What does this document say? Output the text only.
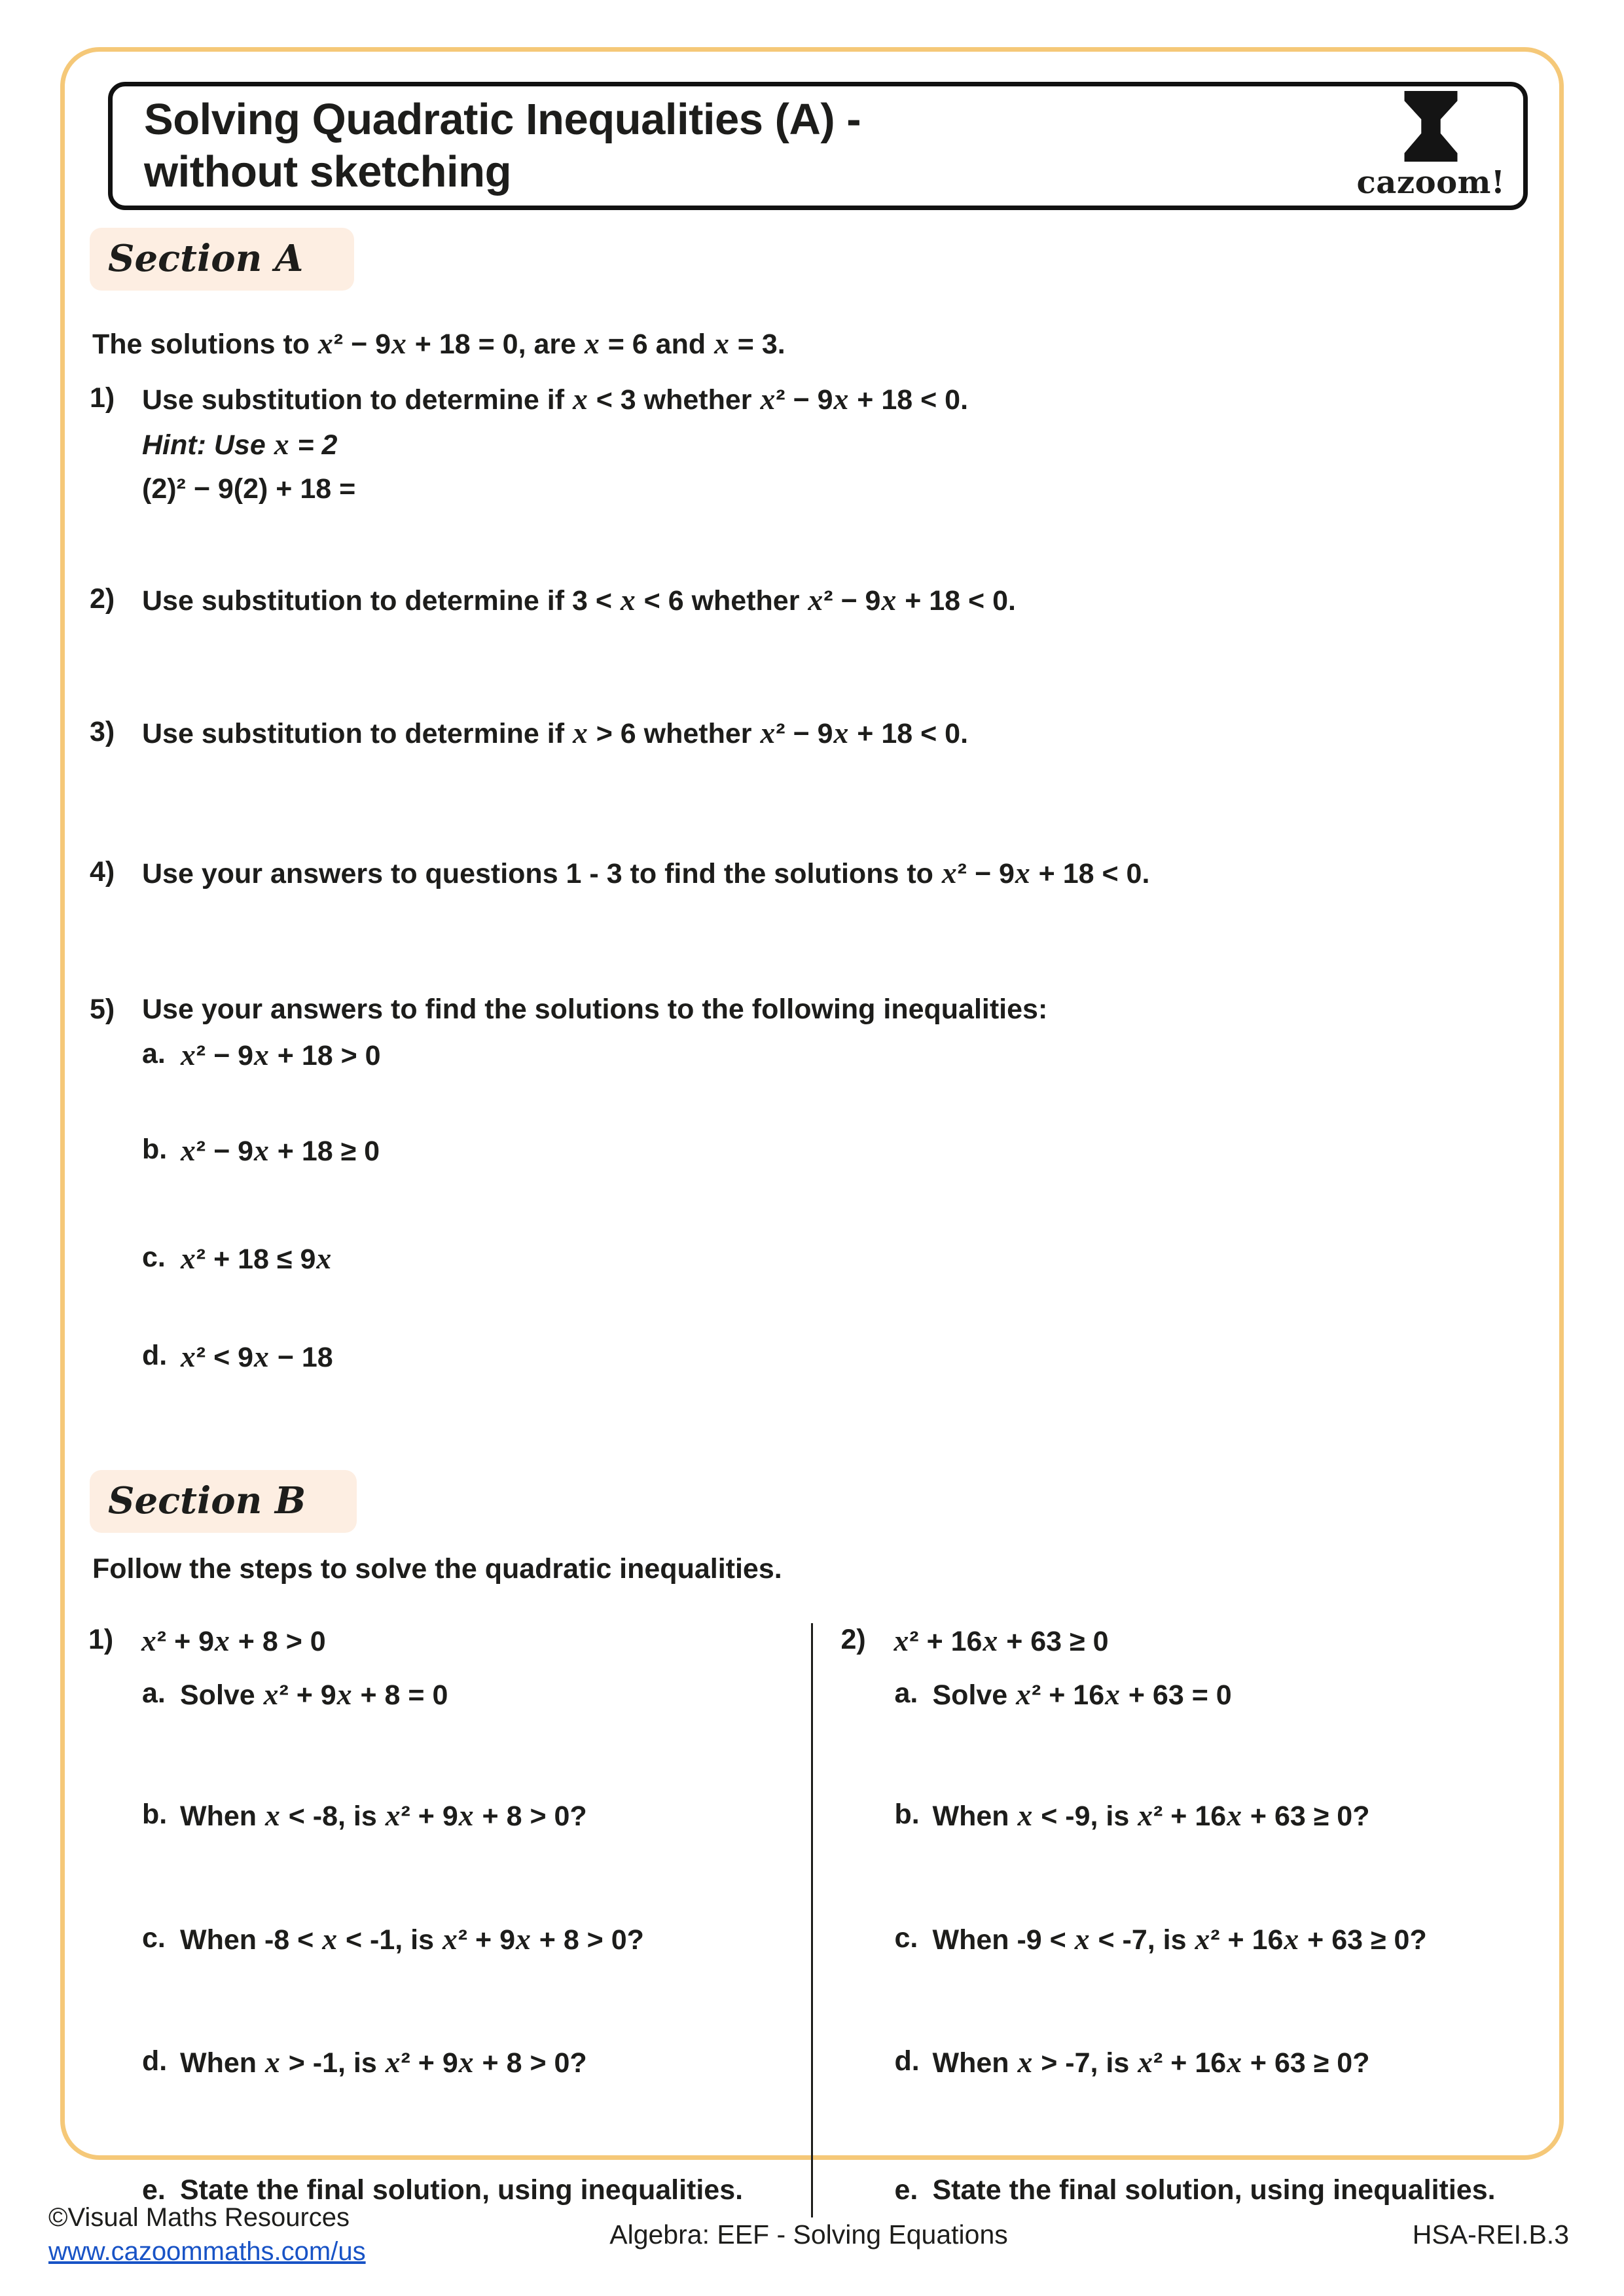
Solving Quadratic Inequalities (A) -
without sketching	cazoom!
Section A
The solutions to x² − 9x + 18 = 0, are x = 6 and x = 3.
1) Use substitution to determine if x < 3 whether x² − 9x + 18 < 0.
Hint: Use x = 2
(2)² − 9(2) + 18 =
2) Use substitution to determine if 3 < x < 6 whether x² − 9x + 18 < 0.
3) Use substitution to determine if x > 6 whether x² − 9x + 18 < 0.
4) Use your answers to questions 1 - 3 to find the solutions to x² − 9x + 18 < 0.
5) Use your answers to find the solutions to the following inequalities:
a. x² − 9x + 18 > 0
b. x² − 9x + 18 ≥ 0
c. x² + 18 ≤ 9x
d. x² < 9x − 18
Section B
Follow the steps to solve the quadratic inequalities.
1) x² + 9x + 8 > 0
a. Solve x² + 9x + 8 = 0
b. When x < -8, is x² + 9x + 8 > 0?
c. When -8 < x < -1, is x² + 9x + 8 > 0?
d. When x > -1, is x² + 9x + 8 > 0?
e. State the final solution, using inequalities.
2) x² + 16x + 63 ≥ 0
a. Solve x² + 16x + 63 = 0
b. When x < -9, is x² + 16x + 63 ≥ 0?
c. When -9 < x < -7, is x² + 16x + 63 ≥ 0?
d. When x > -7, is x² + 16x + 63 ≥ 0?
e. State the final solution, using inequalities.
©Visual Maths Resources
www.cazoommaths.com/us
Algebra: EEF - Solving Equations	HSA-REI.B.3
